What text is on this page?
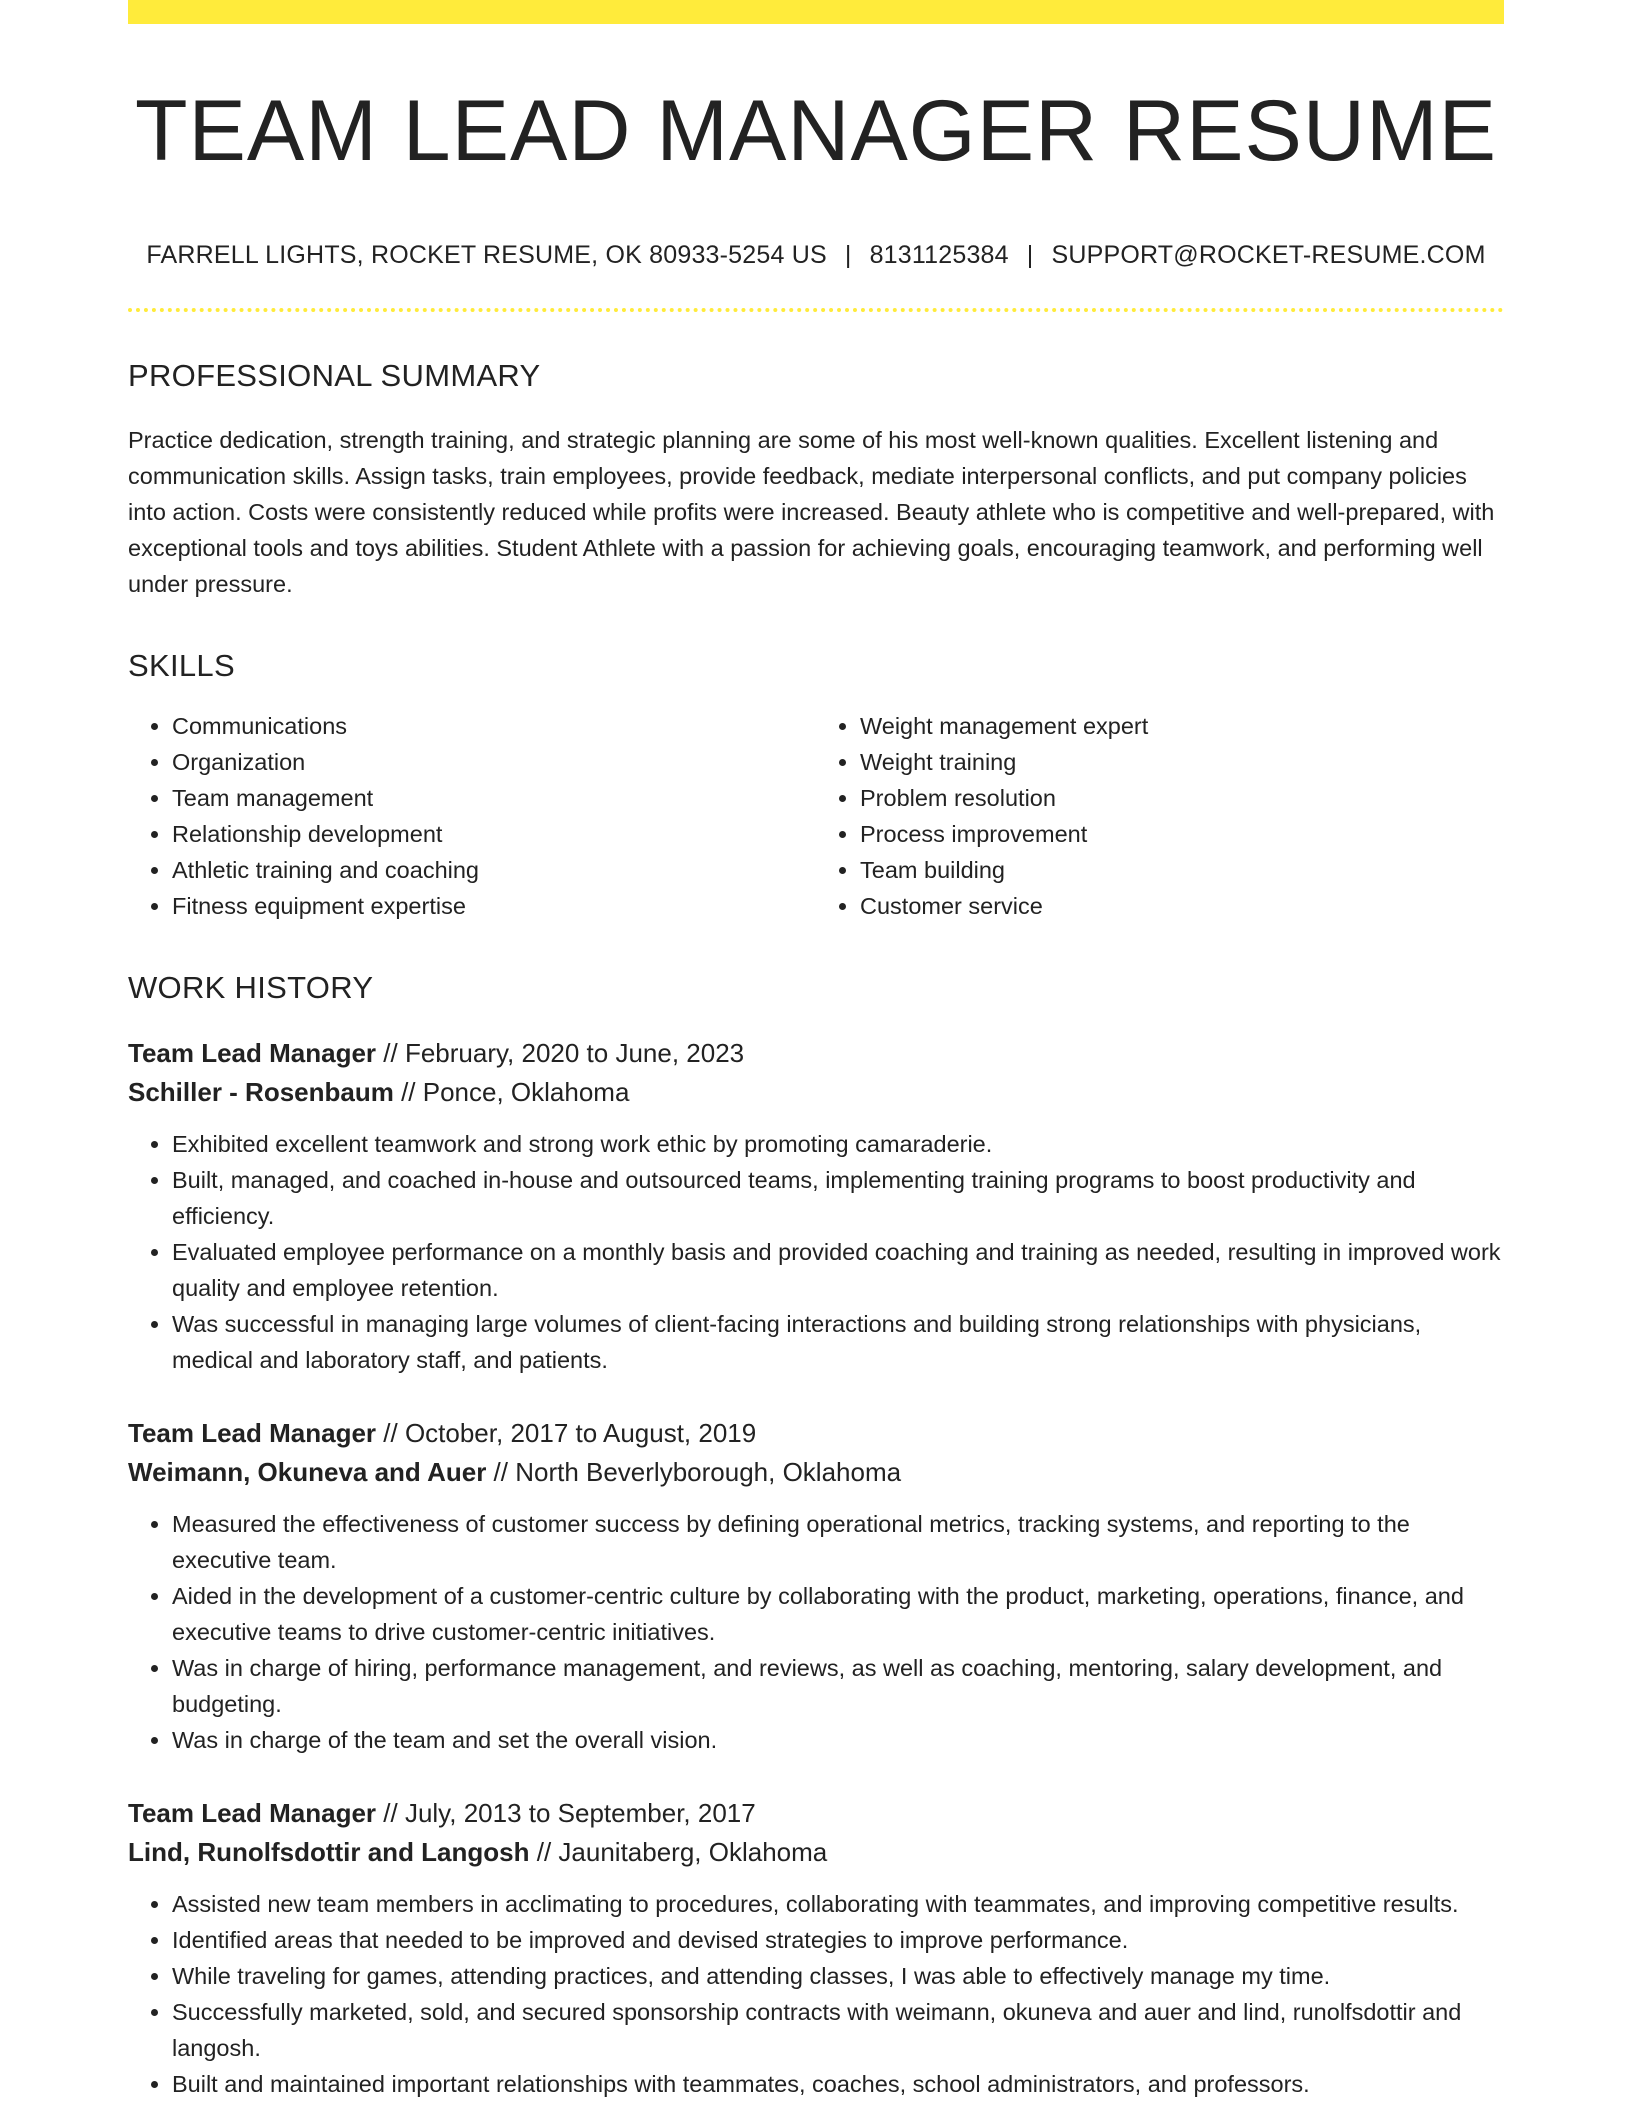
TEAM LEAD MANAGER RESUME
FARRELL LIGHTS, ROCKET RESUME, OK 80933-5254 US | 8131125384 | SUPPORT@ROCKET-RESUME.COM
PROFESSIONAL SUMMARY

Practice dedication, strength training, and strategic planning are some of his most well-known qualities. Excellent listening and communication skills. Assign tasks, train employees, provide feedback, mediate interpersonal conflicts, and put company policies into action. Costs were consistently reduced while profits were increased. Beauty athlete who is competitive and well-prepared, with exceptional tools and toys abilities. Student Athlete with a passion for achieving goals, encouraging teamwork, and performing well under pressure.

SKILLS
• Communications
• Organization
• Team management
• Relationship development
• Athletic training and coaching
• Fitness equipment expertise
• Weight management expert
• Weight training
• Problem resolution
• Process improvement
• Team building
• Customer service
WORK HISTORY
Team Lead Manager // February, 2020 to June, 2023
Schiller - Rosenbaum // Ponce, Oklahoma
• Exhibited excellent teamwork and strong work ethic by promoting camaraderie.
• Built, managed, and coached in-house and outsourced teams, implementing training programs to boost productivity and efficiency.
• Evaluated employee performance on a monthly basis and provided coaching and training as needed, resulting in improved work quality and employee retention.
• Was successful in managing large volumes of client-facing interactions and building strong relationships with physicians, medical and laboratory staff, and patients.
Team Lead Manager // October, 2017 to August, 2019
Weimann, Okuneva and Auer // North Beverlyborough, Oklahoma
• Measured the effectiveness of customer success by defining operational metrics, tracking systems, and reporting to the executive team.
• Aided in the development of a customer-centric culture by collaborating with the product, marketing, operations, finance, and executive teams to drive customer-centric initiatives.
• Was in charge of hiring, performance management, and reviews, as well as coaching, mentoring, salary development, and budgeting.
• Was in charge of the team and set the overall vision.
Team Lead Manager // July, 2013 to September, 2017
Lind, Runolfsdottir and Langosh // Jaunitaberg, Oklahoma
• Assisted new team members in acclimating to procedures, collaborating with teammates, and improving competitive results.
• Identified areas that needed to be improved and devised strategies to improve performance.
• While traveling for games, attending practices, and attending classes, I was able to effectively manage my time.
• Successfully marketed, sold, and secured sponsorship contracts with weimann, okuneva and auer and lind, runolfsdottir and langosh.
• Built and maintained important relationships with teammates, coaches, school administrators, and professors.
